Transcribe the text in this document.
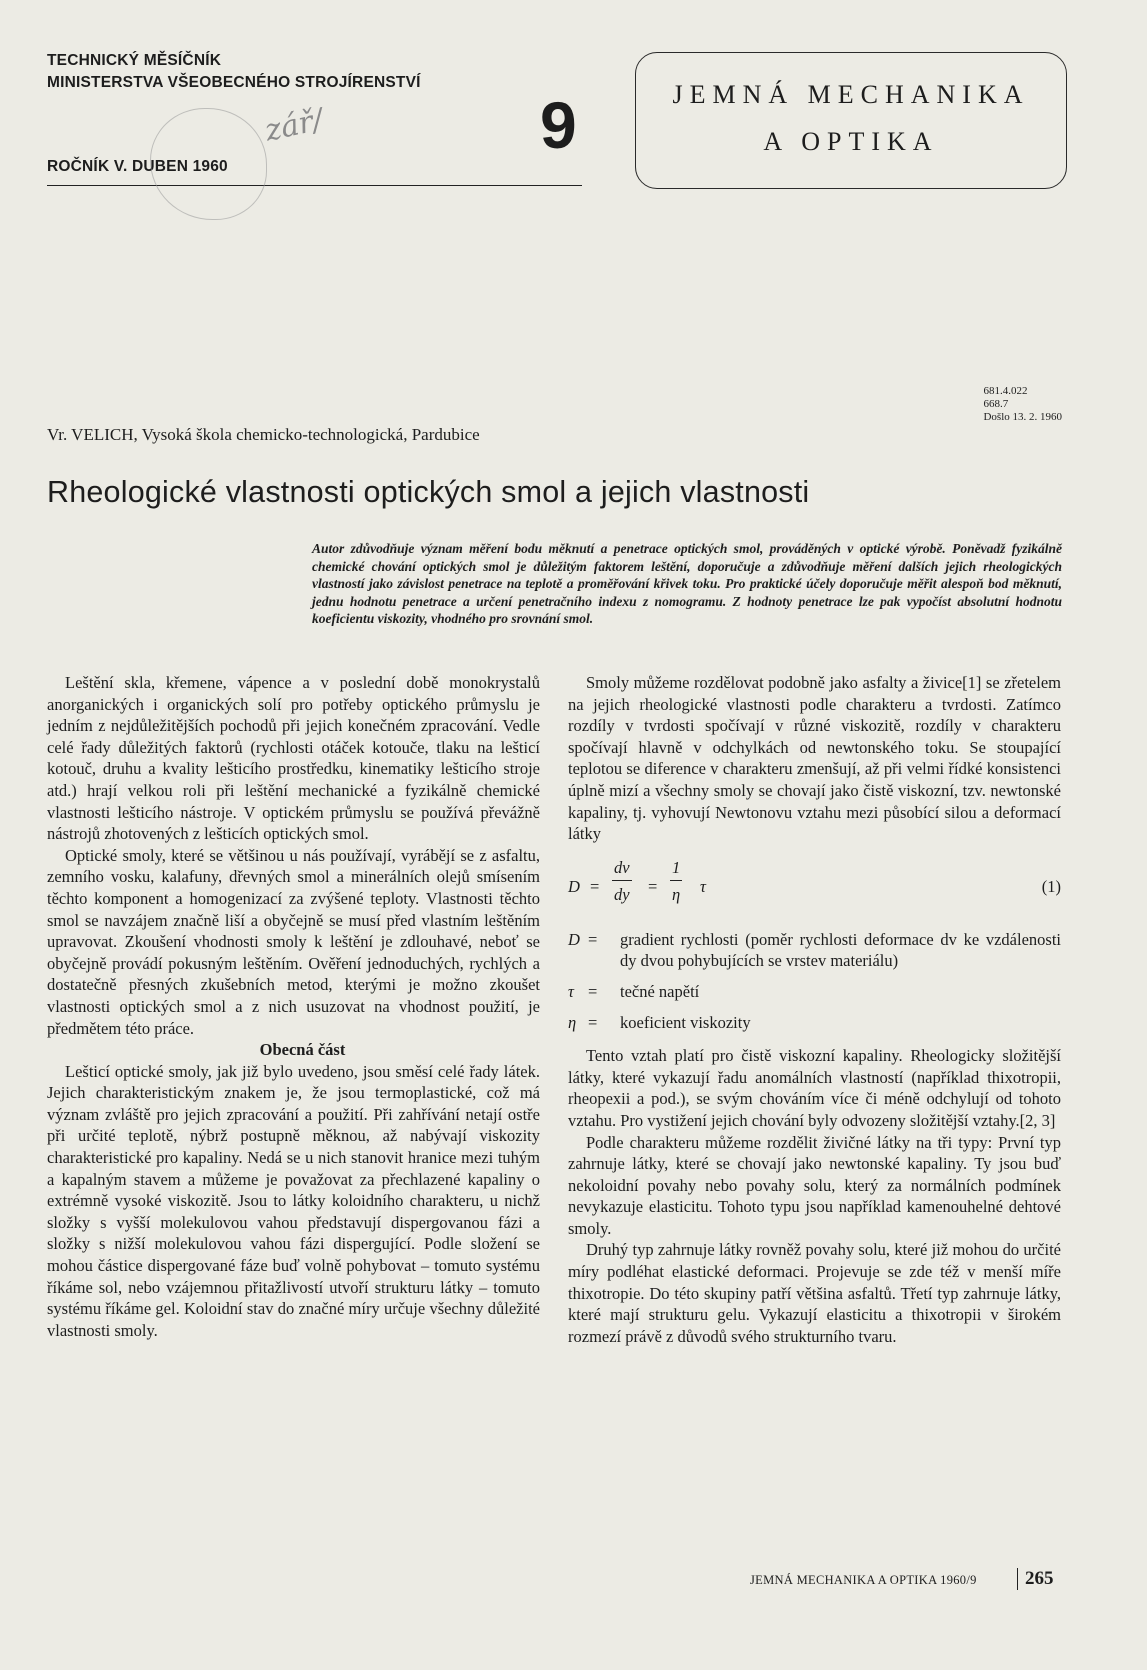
TECHNICKÝ MĚSÍČNÍK
MINISTERSTVA VŠEOBECNÉHO STROJÍRENSTVÍ
ROČNÍK V. DUBEN 1960
zář/	9	JEMNÁ MECHANIKA
A OPTIKA
681.4.022
668.7
Došlo 13. 2. 1960
Vr. VELICH, Vysoká škola chemicko-technologická, Pardubice
Rheologické vlastnosti optických smol a jejich vlastnosti
Autor zdůvodňuje význam měření bodu měknutí a penetrace optických smol, prováděných v optické výrobě. Poněvadž fyzikálně chemické chování optických smol je důležitým faktorem leštění, doporučuje a zdůvodňuje měření dalších jejich rheologických vlastností jako závislost penetrace na teplotě a proměřování křivek toku. Pro praktické účely doporučuje měřit alespoň bod měknutí, jednu hodnotu penetrace a určení penetračního indexu z nomogramu. Z hodnoty penetrace lze pak vypočíst absolutní hodnotu koeficientu viskozity, vhodného pro srovnání smol.

Leštění skla, křemene, vápence a v poslední době monokrystalů anorganických i organických solí pro potřeby optického průmyslu je jedním z nejdůležitějších pochodů při jejich konečném zpracování. Vedle celé řady důležitých faktorů (rychlosti otáček kotouče, tlaku na lešticí kotouč, druhu a kvality lešticího prostředku, kinematiky lešticího stroje atd.) hrají velkou roli při leštění mechanické a fyzikálně chemické vlastnosti lešticího nástroje. V optickém průmyslu se používá převážně nástrojů zhotovených z lešticích optických smol.

Optické smoly, které se většinou u nás používají, vyrábějí se z asfaltu, zemního vosku, kalafuny, dřevných smol a minerálních olejů smísením těchto komponent a homogenizací za zvýšené teploty. Vlastnosti těchto smol se navzájem značně liší a obyčejně se musí před vlastním leštěním upravovat. Zkoušení vhodnosti smoly k leštění je zdlouhavé, neboť se obyčejně provádí pokusným leštěním. Ověření jednoduchých, rychlých a dostatečně přesných zkušebních metod, kterými je možno zkoušet vlastnosti optických smol a z nich usuzovat na vhodnost použití, je předmětem této práce.

Obecná část

Lešticí optické smoly, jak již bylo uvedeno, jsou směsí celé řady látek. Jejich charakteristickým znakem je, že jsou termoplastické, což má význam zvláště pro jejich zpracování a použití. Při zahřívání netají ostře při určité teplotě, nýbrž postupně měknou, až nabývají viskozity charakteristické pro kapaliny. Nedá se u nich stanovit hranice mezi tuhým a kapalným stavem a můžeme je považovat za přechlazené kapaliny o extrémně vysoké viskozitě. Jsou to látky koloidního charakteru, u nichž složky s vyšší molekulovou vahou představují dispergovanou fázi a složky s nižší molekulovou vahou fázi dispergující. Podle složení se mohou částice dispergované fáze buď volně pohybovat – tomuto systému říkáme sol, nebo vzájemnou přitažlivostí utvoří strukturu látky – tomuto systému říkáme gel. Koloidní stav do značné míry určuje všechny důležité vlastnosti smoly.

Smoly můžeme rozdělovat podobně jako asfalty a živice[1] se zřetelem na jejich rheologické vlastnosti podle charakteru a tvrdosti. Zatímco rozdíly v tvrdosti spočívají v různé viskozitě, rozdíly v charakteru spočívají hlavně v odchylkách od newtonského toku. Se stoupající teplotou se diference v charakteru zmenšují, až při velmi řídké konsistenci úplně mizí a všechny smoly se chovají jako čistě viskozní, tzv. newtonské kapaliny, tj. vyhovují Newtonovu vztahu mezi působící silou a deformací látky

$D = \frac{dv}{dy} = \frac{1}{\eta}$ τ	(1)
D = gradient rychlosti (poměr rychlosti deformace dv ke vzdálenosti dy dvou pohybujících se vrstev materiálu)
τ = tečné napětí
η = koeficient viskozity

Tento vztah platí pro čistě viskozní kapaliny. Rheologicky složitější látky, které vykazují řadu anomálních vlastností (například thixotropii, rheopexii a pod.), se svým chováním více či méně odchylují od tohoto vztahu. Pro vystižení jejich chování byly odvozeny složitější vztahy.[2, 3]

Podle charakteru můžeme rozdělit živičné látky na tři typy: První typ zahrnuje látky, které se chovají jako newtonské kapaliny. Ty jsou buď nekoloidní povahy nebo povahy solu, který za normálních podmínek nevykazuje elasticitu. Tohoto typu jsou například kamenouhelné dehtové smoly.

Druhý typ zahrnuje látky rovněž povahy solu, které již mohou do určité míry podléhat elastické deformaci. Projevuje se zde též v menší míře thixotropie. Do této skupiny patří většina asfaltů. Třetí typ zahrnuje látky, které mají strukturu gelu. Vykazují elasticitu a thixotropii v širokém rozmezí právě z důvodů svého strukturního tvaru.

JEMNÁ MECHANIKA A OPTIKA 1960/9	265
